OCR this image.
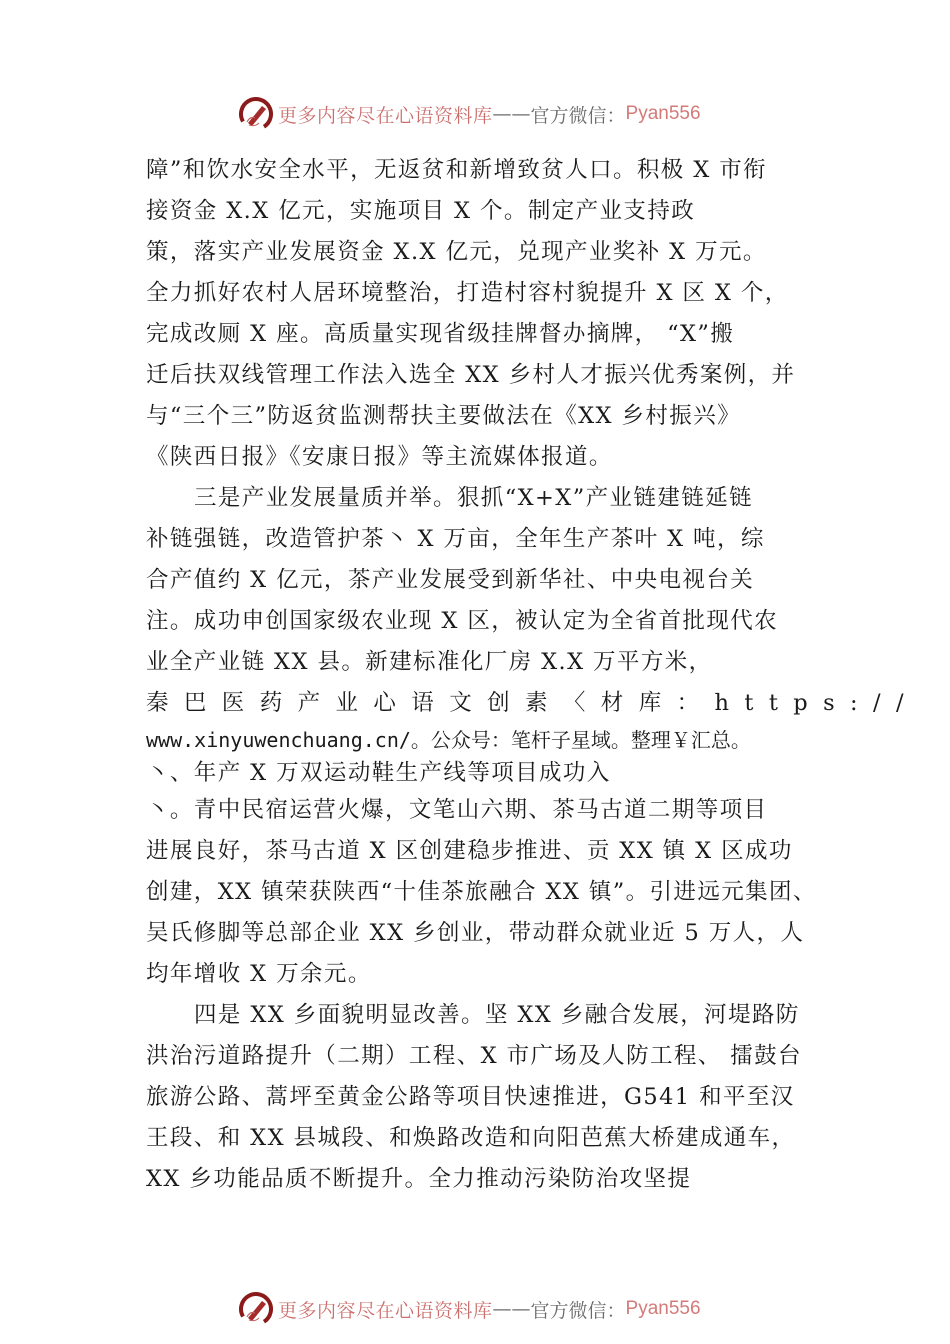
更多内容尽在心语资料库 —— 官方微信： Pyan556
障”和饮水安全水平，无返贫和新增致贫人口。积极 X 市衔
接资金 X.X 亿元，实施项目 X 个。制定产业支持政
策，落实产业发展资金 X.X 亿元，兑现产业奖补 X 万元。
全力抓好农村人居环境整治，打造村容村貌提升 X 区 X 个，
完成改厕 X 座。高质量实现省级挂牌督办摘牌， “X”搬
迁后扶双线管理工作法入选全 XX 乡村人才振兴优秀案例，并
与“三个三”防返贫监测帮扶主要做法在《XX 乡村振兴》
《陕西日报》《安康日报》等主流媒体报道。
三是产业发展量质并举。狠抓“X+X”产业链建链延链
补链强链，改造管护茶㇔ X 万亩，全年生产茶叶 X 吨，综
合产值约 X 亿元，茶产业发展受到新华社、中央电视台关
注。成功申创国家级农业现 X 区，被认定为全省首批现代农
业全产业链 XX 县。新建标准化厂房 X.X 万平方米，
秦巴医药产业心语文创素〈材库：https://
www.xinyuwenchuang.cn/。公众号：笔杆子星域。整理￥汇总。
㇔、年产 X 万双运动鞋生产线等项目成功入
㇔。青中民宿运营火爆，文笔山六期、茶马古道二期等项目
进展良好，茶马古道 X 区创建稳步推进、贡 XX 镇 X 区成功
创建，XX 镇荣获陕西“十佳茶旅融合 XX 镇”。引进远元集团、
吴氏修脚等总部企业 XX 乡创业，带动群众就业近 5 万人，人
均年增收 X 万余元。
四是 XX 乡面貌明显改善。坚 XX 乡融合发展，河堤路防
洪治污道路提升（二期）工程、X 市广场及人防工程、 擂鼓台
旅游公路、蒿坪至黄金公路等项目快速推进，G541 和平至汉
王段、和 XX 县城段、和焕路改造和向阳芭蕉大桥建成通车，
XX 乡功能品质不断提升。全力推动污染防治攻坚提
更多内容尽在心语资料库 —— 官方微信： Pyan556
